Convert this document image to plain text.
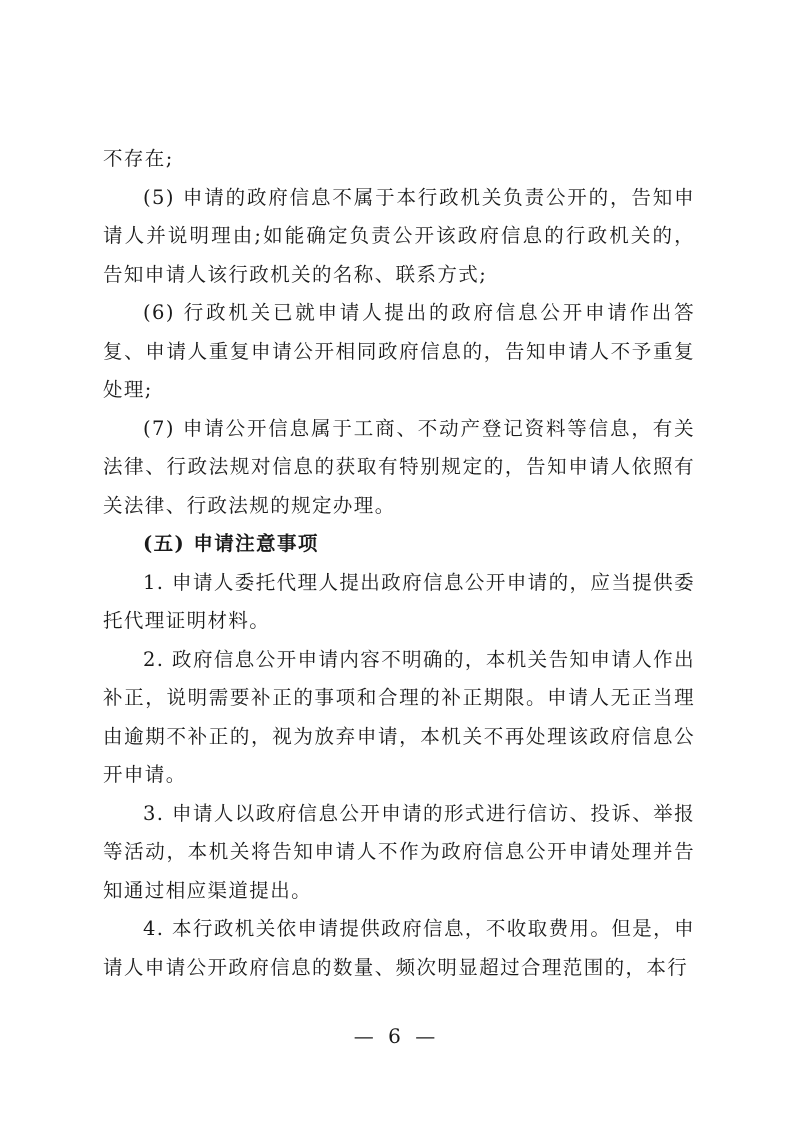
不存在;

(5) 申请的政府信息不属于本行政机关负责公开的，告知申请人并说明理由;如能确定负责公开该政府信息的行政机关的，告知申请人该行政机关的名称、联系方式;

(6) 行政机关已就申请人提出的政府信息公开申请作出答复、申请人重复申请公开相同政府信息的，告知申请人不予重复处理;

(7) 申请公开信息属于工商、不动产登记资料等信息，有关法律、行政法规对信息的获取有特别规定的，告知申请人依照有关法律、行政法规的规定办理。

(五) 申请注意事项

1. 申请人委托代理人提出政府信息公开申请的，应当提供委托代理证明材料。

2. 政府信息公开申请内容不明确的，本机关告知申请人作出补正，说明需要补正的事项和合理的补正期限。申请人无正当理由逾期不补正的，视为放弃申请，本机关不再处理该政府信息公开申请。

3. 申请人以政府信息公开申请的形式进行信访、投诉、举报等活动，本机关将告知申请人不作为政府信息公开申请处理并告知通过相应渠道提出。

4. 本行政机关依申请提供政府信息，不收取费用。但是，申请人申请公开政府信息的数量、频次明显超过合理范围的，本行

— 6 —
